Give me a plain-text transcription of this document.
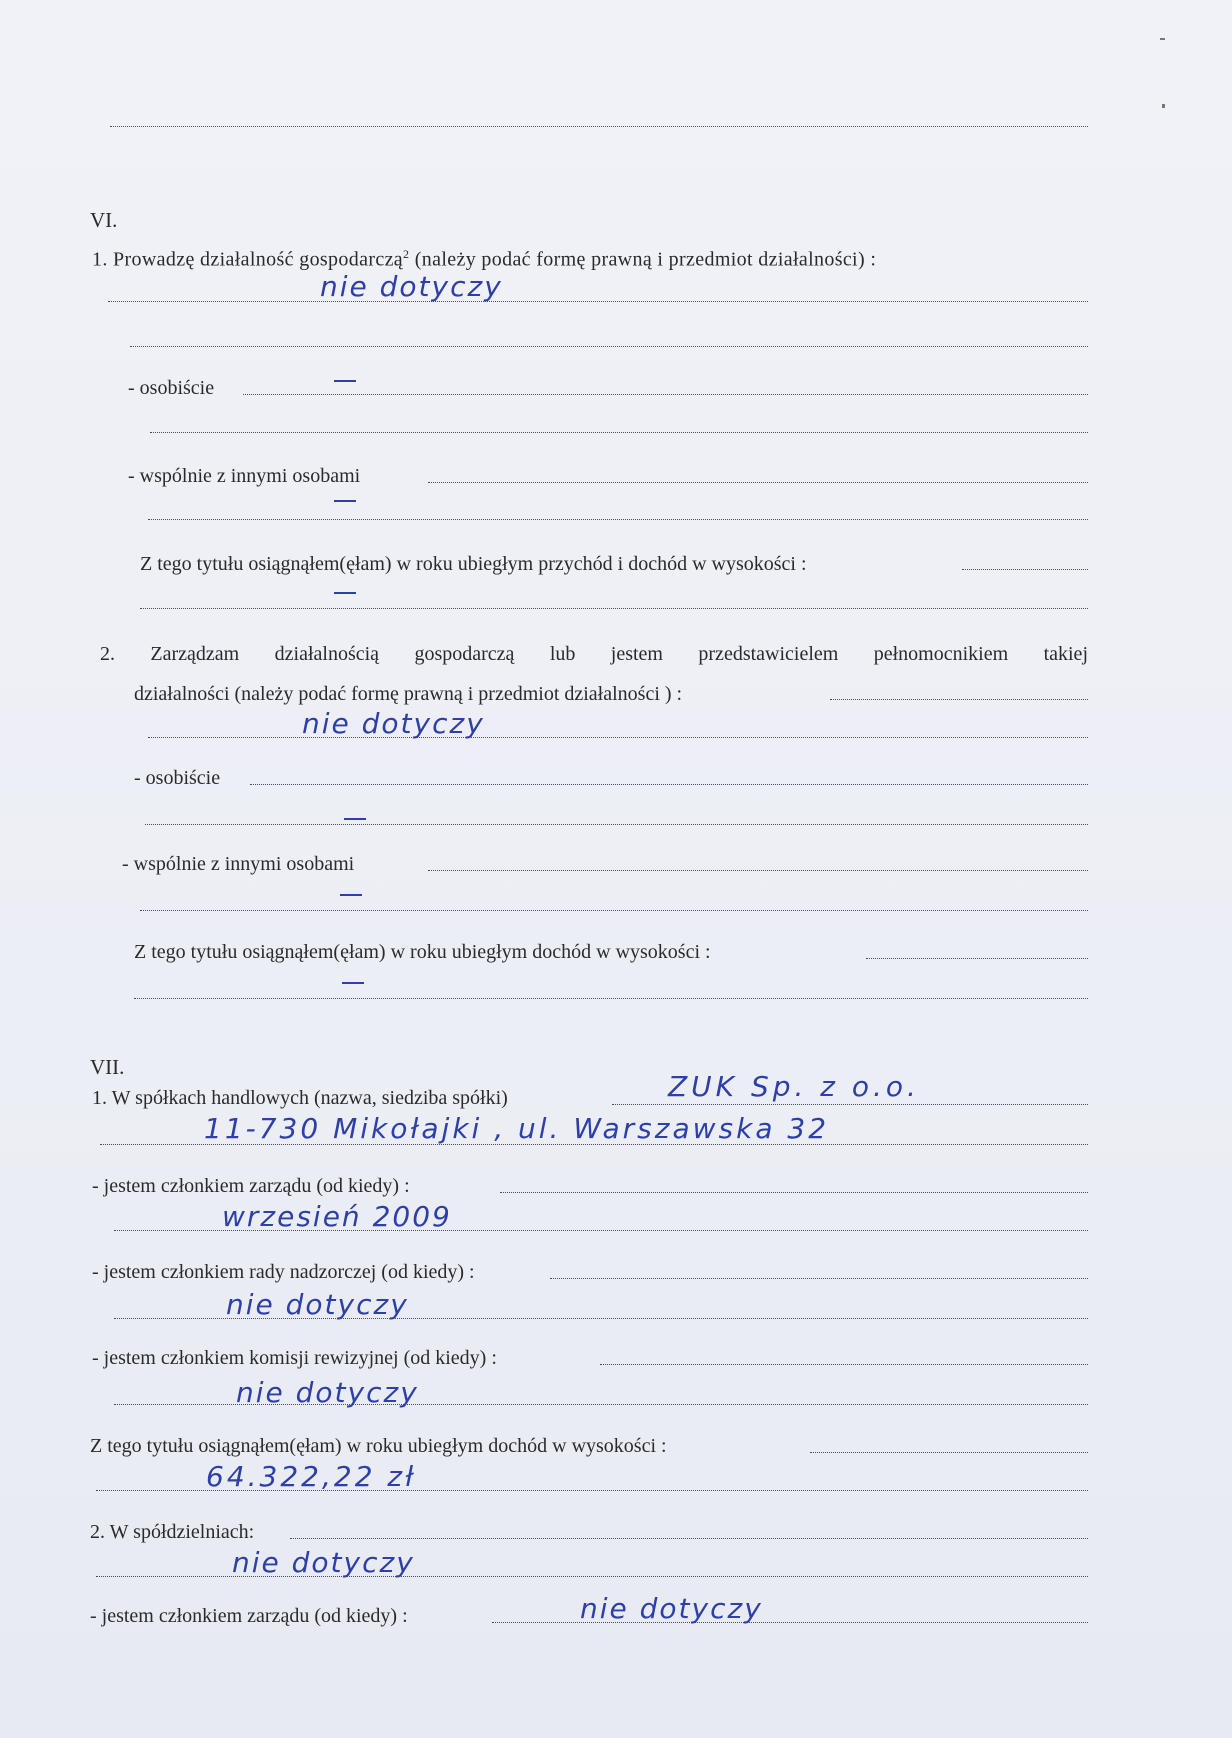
VI.
1. Prowadzę działalność gospodarczą$^2$ (należy podać formę prawną i przedmiot działalności) :
nie dotyczy
- osobiście
- wspólnie z innymi osobami
Z tego tytułu osiągnąłem(ęłam) w roku ubiegłym przychód i dochód w wysokości :
2. Zarządzam działalnością gospodarczą lub jestem przedstawicielem pełnomocnikiem takiej
działalności (należy podać formę prawną i przedmiot działalności ) :
nie dotyczy
- osobiście
- wspólnie z innymi osobami
Z tego tytułu osiągnąłem(ęłam) w roku ubiegłym dochód w wysokości :
VII.
1. W spółkach handlowych (nazwa, siedziba spółki)	ZUK Sp. z o.o.
11-730 Mikołajki , ul. Warszawska 32
- jestem członkiem zarządu (od kiedy) :
wrzesień 2009
- jestem członkiem rady nadzorczej (od kiedy) :
nie dotyczy
- jestem członkiem komisji rewizyjnej (od kiedy) :
nie dotyczy
Z tego tytułu osiągnąłem(ęłam) w roku ubiegłym dochód w wysokości :
64.322,22 zł
2. W spółdzielniach:
nie dotyczy
- jestem członkiem zarządu (od kiedy) :	nie dotyczy
